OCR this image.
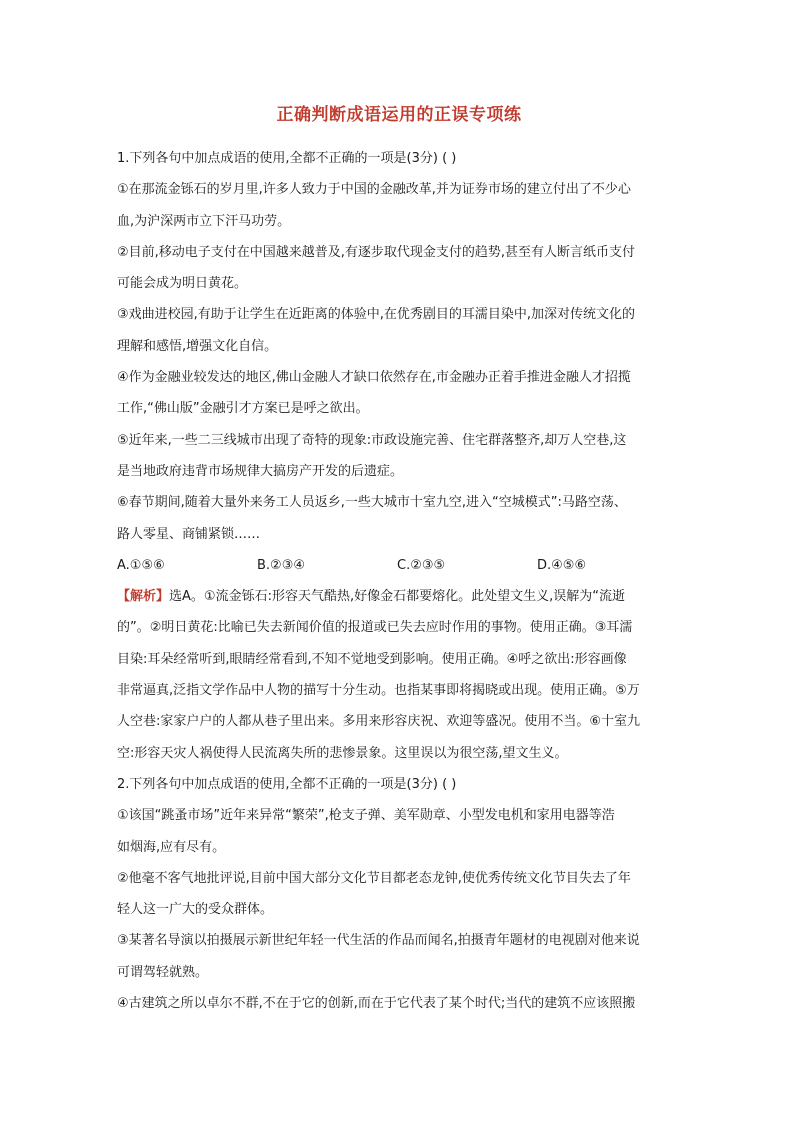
正确判断成语运用的正误专项练
1.下列各句中加点成语的使用,全都不正确的一项是(3分) ( )
①在那流金铄石的岁月里,许多人致力于中国的金融改革,并为证券市场的建立付出了不少心
血,为沪深两市立下汗马功劳。
②目前,移动电子支付在中国越来越普及,有逐步取代现金支付的趋势,甚至有人断言纸币支付
可能会成为明日黄花。
③戏曲进校园,有助于让学生在近距离的体验中,在优秀剧目的耳濡目染中,加深对传统文化的
理解和感悟,增强文化自信。
④作为金融业较发达的地区,佛山金融人才缺口依然存在,市金融办正着手推进金融人才招揽
工作,“佛山版”金融引才方案已是呼之欲出。
⑤近年来,一些二三线城市出现了奇特的现象:市政设施完善、住宅群落整齐,却万人空巷,这
是当地政府违背市场规律大搞房产开发的后遗症。
⑥春节期间,随着大量外来务工人员返乡,一些大城市十室九空,进入“空城模式”:马路空荡、
路人零星、商铺紧锁……
A.①⑤⑥	B.②③④	C.②③⑤	D.④⑤⑥
【解析】选A。①流金铄石:形容天气酷热,好像金石都要熔化。此处望文生义,误解为“流逝
的”。②明日黄花:比喻已失去新闻价值的报道或已失去应时作用的事物。使用正确。③耳濡
目染:耳朵经常听到,眼睛经常看到,不知不觉地受到影响。使用正确。④呼之欲出:形容画像
非常逼真,泛指文学作品中人物的描写十分生动。也指某事即将揭晓或出现。使用正确。⑤万
人空巷:家家户户的人都从巷子里出来。多用来形容庆祝、欢迎等盛况。使用不当。⑥十室九
空:形容天灾人祸使得人民流离失所的悲惨景象。这里误以为很空荡,望文生义。
2.下列各句中加点成语的使用,全都不正确的一项是(3分) ( )
①该国“跳蚤市场”近年来异常“繁荣”,枪支子弹、美军勋章、小型发电机和家用电器等浩
如烟海,应有尽有。
②他毫不客气地批评说,目前中国大部分文化节目都老态龙钟,使优秀传统文化节目失去了年
轻人这一广大的受众群体。
③某著名导演以拍摄展示新世纪年轻一代生活的作品而闻名,拍摄青年题材的电视剧对他来说
可谓驾轻就熟。
④古建筑之所以卓尔不群,不在于它的创新,而在于它代表了某个时代;当代的建筑不应该照搬
